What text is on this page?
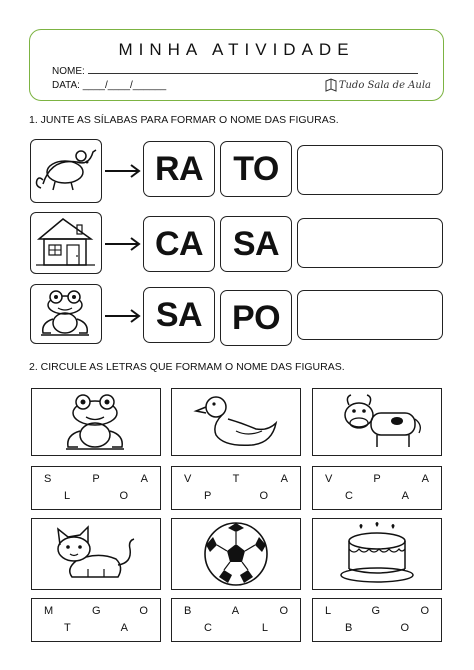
MINHA ATIVIDADE
NOME:
DATA: ____/____/______	Tudo Sala de Aula
1. JUNTE AS SÍLABAS PARA FORMAR O NOME DAS FIGURAS.
RA TO
CA SA
SA PO
2. CIRCULE AS LETRAS QUE FORMAM O NOME DAS FIGURAS.
S	P	A
L	O
V	T	A
P	O
V	P	A
C	A
M	G	O
T	A
B	A	O
C	L
L	G	O
B	O
